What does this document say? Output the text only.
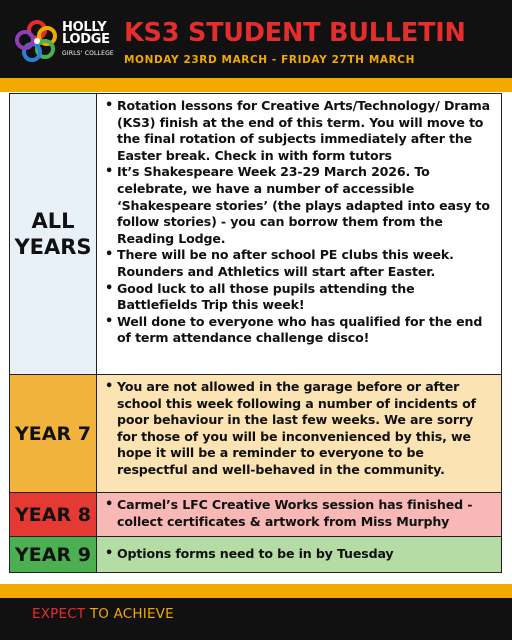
HOLLY
LODGE
GIRLS' COLLEGE
KS3 STUDENT BULLETIN
MONDAY 23RD MARCH - FRIDAY 27TH MARCH
ALL
YEARS
• Rotation lessons for Creative Arts/Technology/ Drama (KS3) finish at the end of this term. You will move to the final rotation of subjects immediately after the Easter break. Check in with form tutors
• It’s Shakespeare Week 23-29 March 2026. To celebrate, we have a number of accessible ‘Shakespeare stories’ (the plays adapted into easy to follow stories) - you can borrow them from the Reading Lodge.
• There will be no after school PE clubs this week. Rounders and Athletics will start after Easter.
• Good luck to all those pupils attending the Battlefields Trip this week!
• Well done to everyone who has qualified for the end of term attendance challenge disco!
YEAR 7
• You are not allowed in the garage before or after school this week following a number of incidents of poor behaviour in the last few weeks. We are sorry for those of you will be inconvenienced by this, we hope it will be a reminder to everyone to be respectful and well-behaved in the community.
YEAR 8	• Carmel’s LFC Creative Works session has finished - collect certificates & artwork from Miss Murphy
YEAR 9	• Options forms need to be in by Tuesday
EXPECT TO ACHIEVE
